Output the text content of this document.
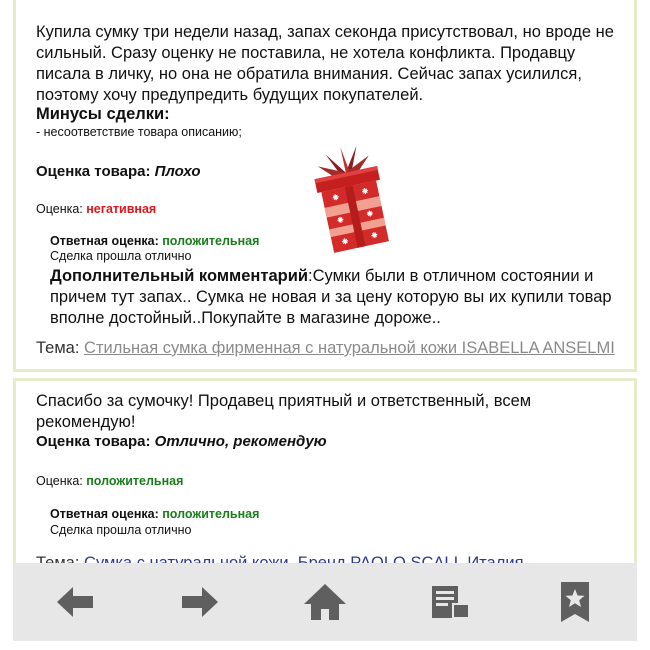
Купила сумку три недели назад, запах секонда присутствовал, но вроде не
сильный. Сразу оценку не поставила, не хотела конфликта. Продавцу
писала в личку, но она не обратила внимания. Сейчас запах усилился,
поэтому хочу предупредить будущих покупателей.

Минусы сделки:

- несоответствие товара описанию;

Оценка товара: Плохо

Оценка: негативная

Ответная оценка: положительная

Сделка прошла отлично

Дополнительный комментарий:Сумки были в отличном состоянии и
причем тут запах.. Сумка не новая и за цену которую вы их купили товар
вполне достойный..Покупайте в магазине дороже..

Тема: Стильная сумка фирменная с натуральной кожи ISABELLA ANSELMI

Спасибо за сумочку! Продавец приятный и ответственный, всем
рекомендую!

Оценка товара: Отлично, рекомендую

Оценка: положительная

Ответная оценка: положительная

Сделка прошла отлично
